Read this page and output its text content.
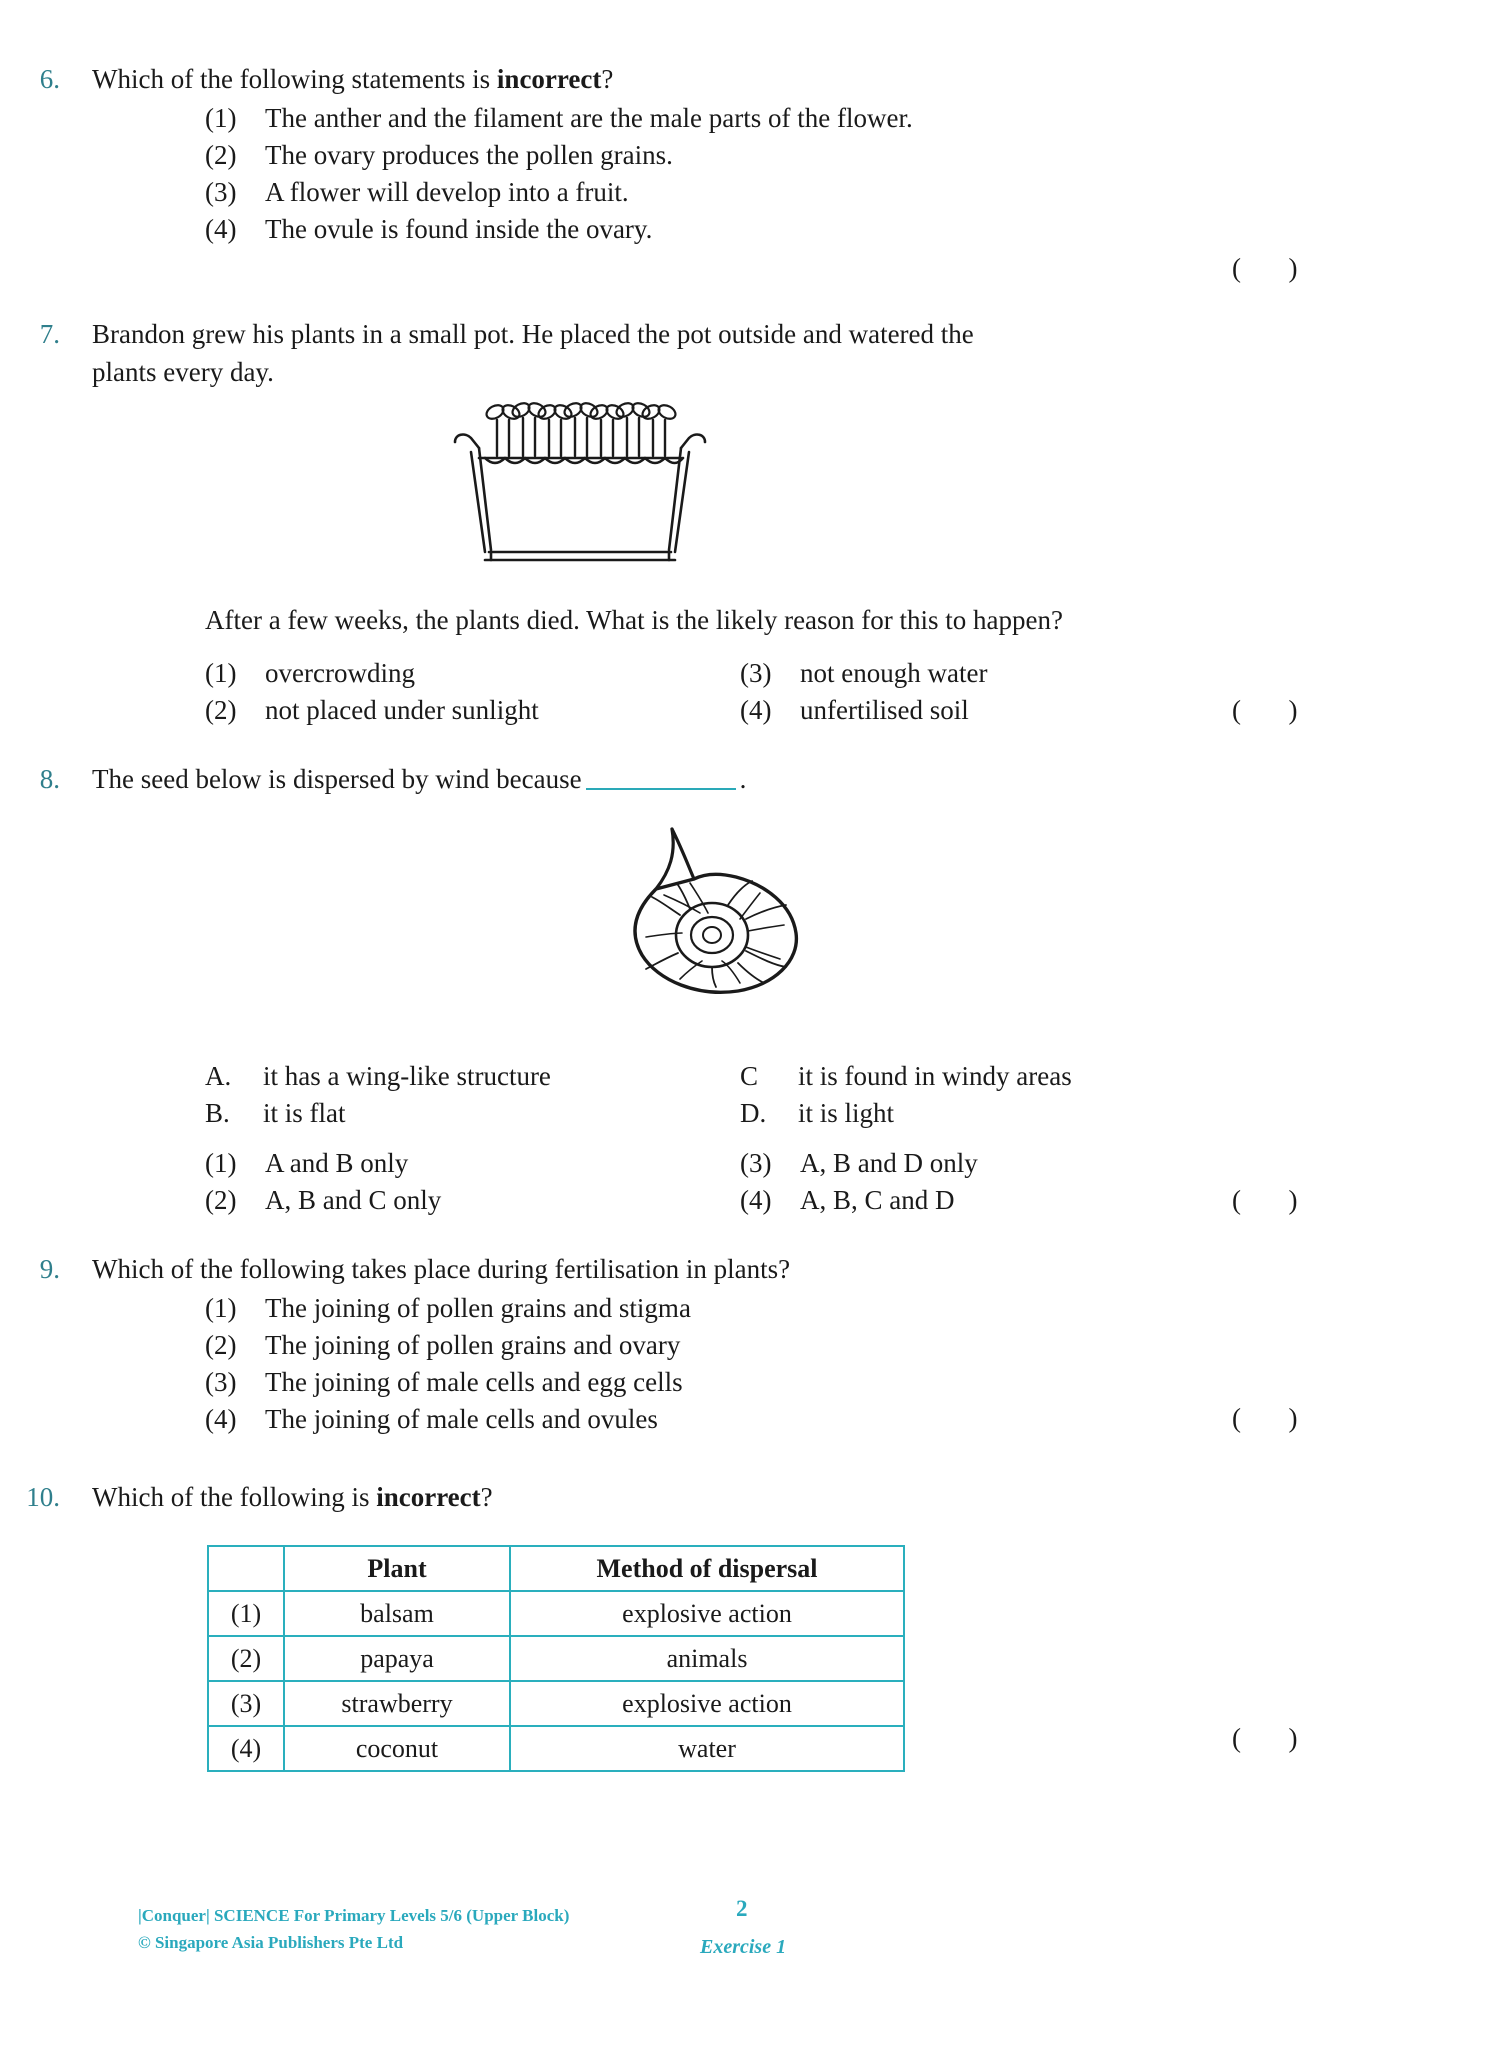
6.	Which of the following statements is incorrect?
(1)	The anther and the filament are the male parts of the flower.
(2)	The ovary produces the pollen grains.
(3)	A flower will develop into a fruit.
(4)	The ovule is found inside the ovary.
(      )
7. Brandon grew his plants in a small pot. He placed the pot outside and watered the
plants every day.
After a few weeks, the plants died. What is the likely reason for this to happen?
(1)	overcrowding
(2)	not placed under sunlight
(3)	not enough water
(4)	unfertilised soil	(      )
8.	The seed below is dispersed by wind because	.
A.	it has a wing-like structure
B.	it is flat
C	it is found in windy areas
D.	it is light
(1)	A and B only
(2)	A, B and C only
(3)	A, B and D only
(4)	A, B, C and D	(      )
9.	Which of the following takes place during fertilisation in plants?
(1)	The joining of pollen grains and stigma
(2)	The joining of pollen grains and ovary
(3)	The joining of male cells and egg cells
(4)	The joining of male cells and ovules	(      )
10.	Which of the following is incorrect?
	Plant	Method of dispersal
(1)	balsam	explosive action
(2)	papaya	animals
(3)	strawberry	explosive action
(4)	coconut	water	(      )
|Conquer| SCIENCE For Primary Levels 5/6 (Upper Block)
© Singapore Asia Publishers Pte Ltd
2
Exercise 1
